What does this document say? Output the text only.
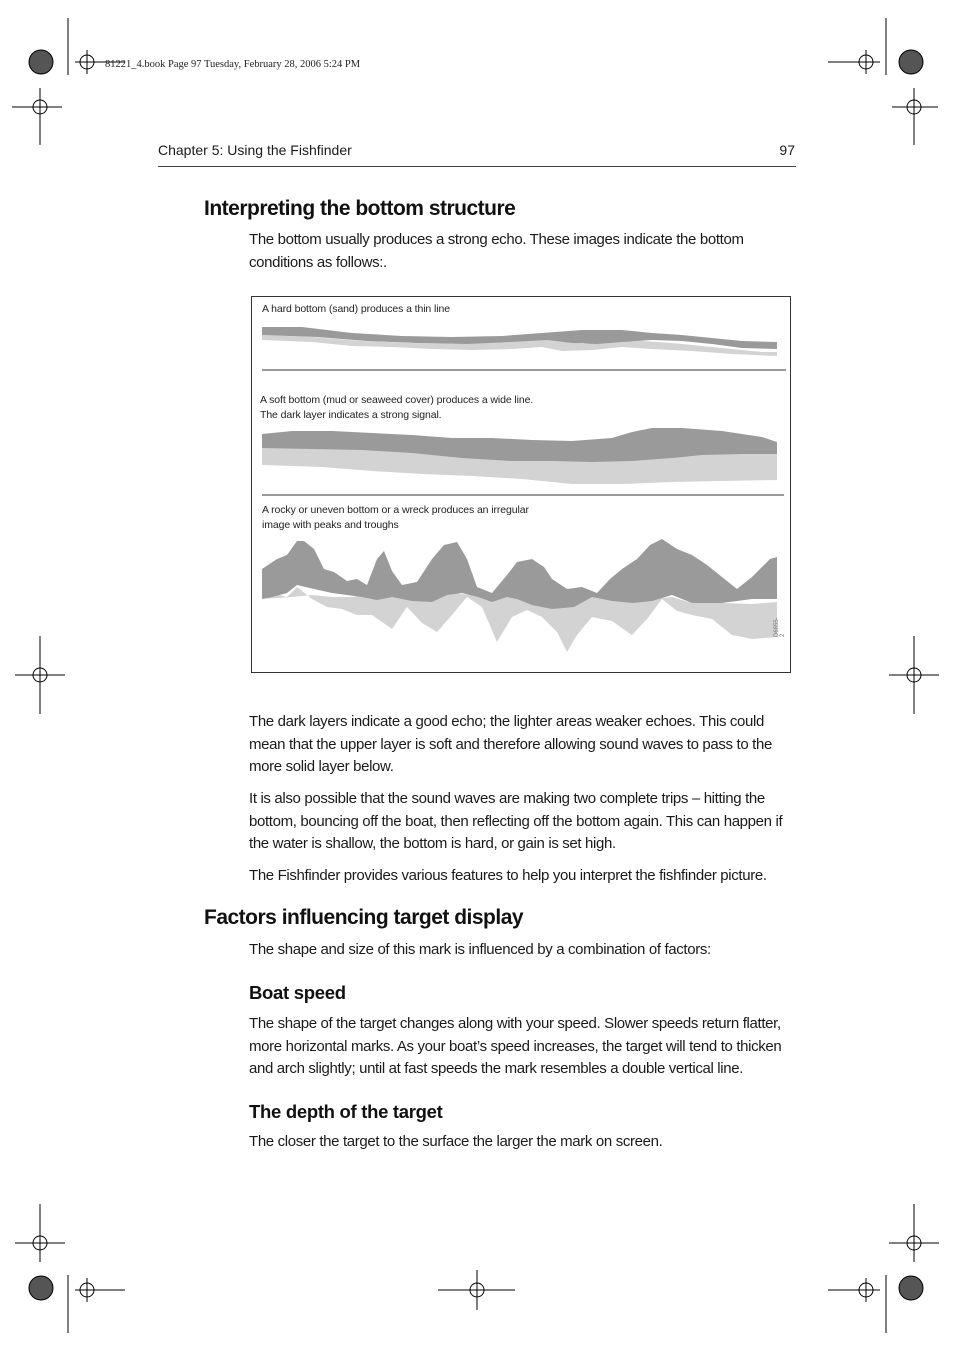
81221_4.book Page 97 Tuesday, February 28, 2006 5:24 PM
Chapter 5: Using the Fishfinder	97
Interpreting the bottom structure

The bottom usually produces a strong echo. These images indicate the bottom conditions as follows:.

A hard bottom (sand) produces a thin line
A soft bottom (mud or seaweed cover) produces a wide line.
The dark layer indicates a strong signal.
A rocky or uneven bottom or a wreck produces an irregular
image with peaks and troughs
D6855-2

The dark layers indicate a good echo; the lighter areas weaker echoes. This could mean that the upper layer is soft and therefore allowing sound waves to pass to the more solid layer below.

It is also possible that the sound waves are making two complete trips – hitting the bottom, bouncing off the boat, then reflecting off the bottom again. This can happen if the water is shallow, the bottom is hard, or gain is set high.

The Fishfinder provides various features to help you interpret the fishfinder picture.

Factors influencing target display

The shape and size of this mark is influenced by a combination of factors:

Boat speed

The shape of the target changes along with your speed. Slower speeds return flatter, more horizontal marks. As your boat’s speed increases, the target will tend to thicken and arch slightly; until at fast speeds the mark resembles a double vertical line.

The depth of the target

The closer the target to the surface the larger the mark on screen.
